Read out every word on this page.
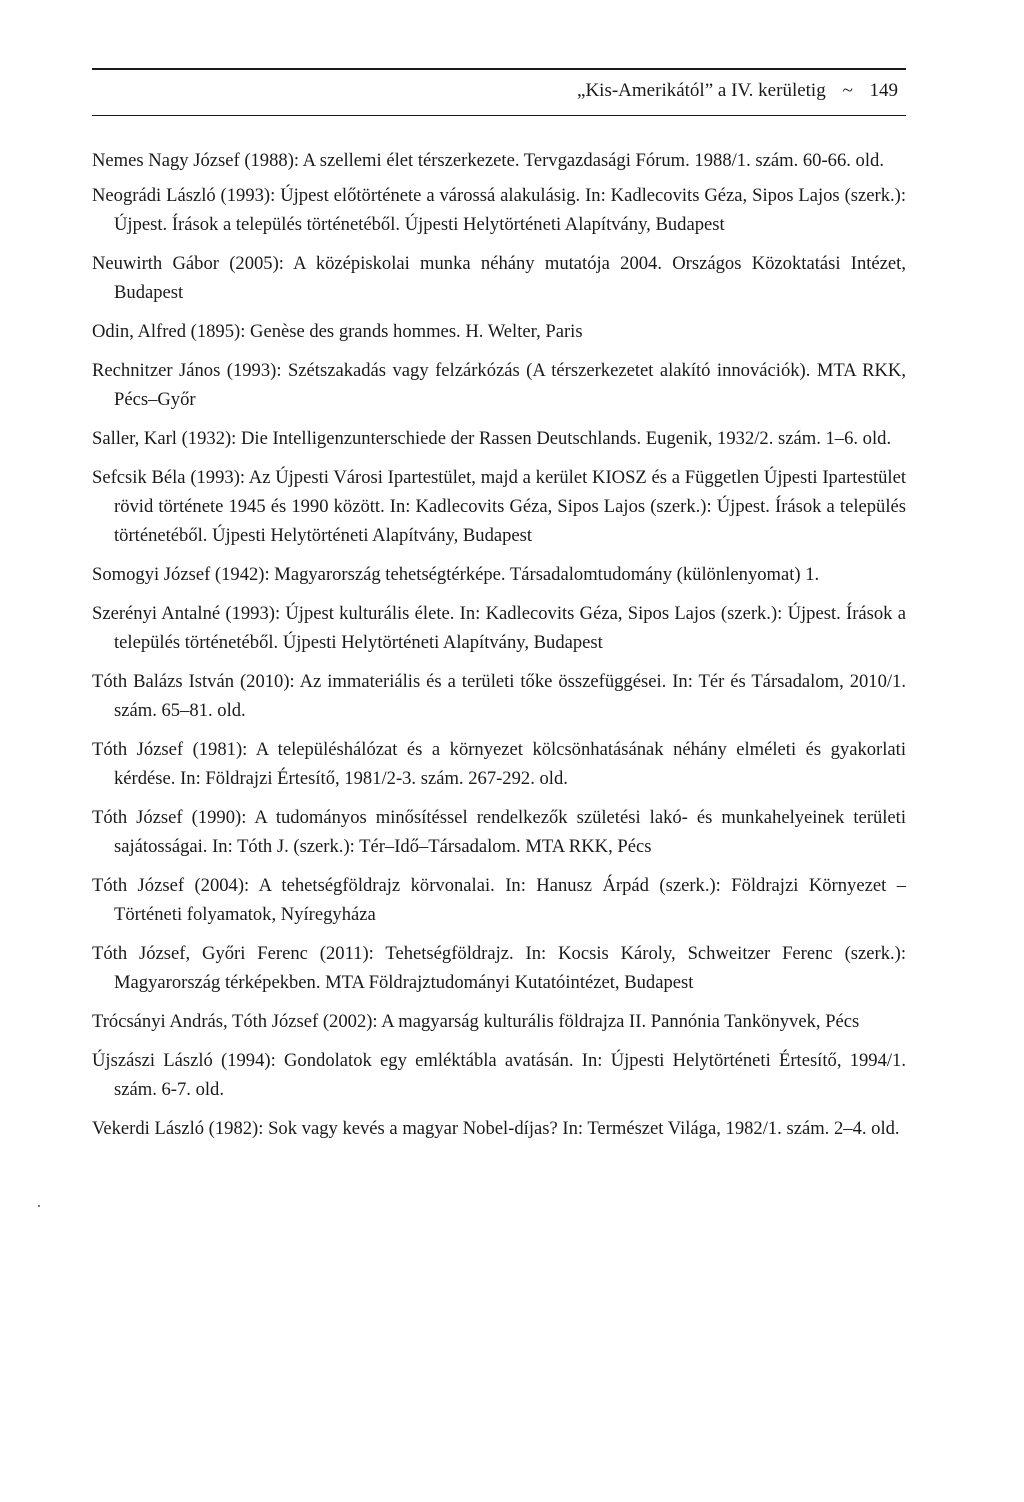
„Kis-Amerikától” a IV. kerületig ~ 149

Nemes Nagy József (1988): A szellemi élet térszerkezete. Tervgazdasági Fórum. 1988/1. szám. 60-66. old.

Neográdi László (1993): Újpest előtörténete a várossá alakulásig. In: Kadlecovits Géza, Sipos Lajos (szerk.): Újpest. Írások a település történetéből. Újpesti Helytörténeti Alapítvány, Budapest

Neuwirth Gábor (2005): A középiskolai munka néhány mutatója 2004. Országos Közoktatási Intézet, Budapest

Odin, Alfred (1895): Genèse des grands hommes. H. Welter, Paris

Rechnitzer János (1993): Szétszakadás vagy felzárkózás (A térszerkezetet alakító innovációk). MTA RKK, Pécs–Győr

Saller, Karl (1932): Die Intelligenzunterschiede der Rassen Deutschlands. Eugenik, 1932/2. szám. 1–6. old.

Sefcsik Béla (1993): Az Újpesti Városi Ipartestület, majd a kerület KIOSZ és a Független Újpesti Ipartestület rövid története 1945 és 1990 között. In: Kadlecovits Géza, Sipos Lajos (szerk.): Újpest. Írások a település történetéből. Újpesti Helytörténeti Alapítvány, Budapest

Somogyi József (1942): Magyarország tehetségtérképe. Társadalomtudomány (különlenyomat) 1.

Szerényi Antalné (1993): Újpest kulturális élete. In: Kadlecovits Géza, Sipos Lajos (szerk.): Újpest. Írások a település történetéből. Újpesti Helytörténeti Alapítvány, Budapest

Tóth Balázs István (2010): Az immateriális és a területi tőke összefüggései. In: Tér és Társadalom, 2010/1. szám. 65–81. old.

Tóth József (1981): A településhálózat és a környezet kölcsönhatásának néhány elméleti és gyakorlati kérdése. In: Földrajzi Értesítő, 1981/2-3. szám. 267-292. old.

Tóth József (1990): A tudományos minősítéssel rendelkezők születési lakó- és munkahelyeinek területi sajátosságai. In: Tóth J. (szerk.): Tér–Idő–Társadalom. MTA RKK, Pécs

Tóth József (2004): A tehetségföldrajz körvonalai. In: Hanusz Árpád (szerk.): Földrajzi Környezet – Történeti folyamatok, Nyíregyháza

Tóth József, Győri Ferenc (2011): Tehetségföldrajz. In: Kocsis Károly, Schweitzer Ferenc (szerk.): Magyarország térképekben. MTA Földrajztudományi Kutatóintézet, Budapest

Trócsányi András, Tóth József (2002): A magyarság kulturális földrajza II. Pannónia Tankönyvek, Pécs

Újszászi László (1994): Gondolatok egy emléktábla avatásán. In: Újpesti Helytörténeti Értesítő, 1994/1. szám. 6-7. old.

Vekerdi László (1982): Sok vagy kevés a magyar Nobel-díjas? In: Természet Világa, 1982/1. szám. 2–4. old.
